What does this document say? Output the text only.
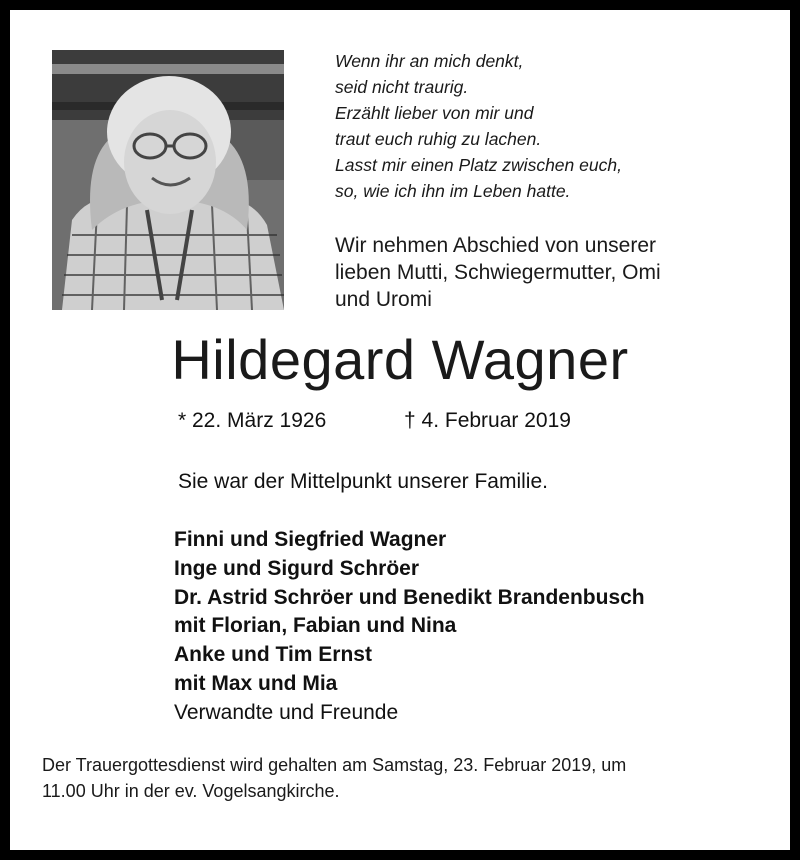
Wenn ihr an mich denkt,
seid nicht traurig.
Erzählt lieber von mir und
traut euch ruhig zu lachen.
Lasst mir einen Platz zwischen euch,
so, wie ich ihn im Leben hatte.
Wir nehmen Abschied von unserer
lieben Mutti, Schwiegermutter, Omi
und Uromi
Hildegard Wagner
* 22. März 1926	† 4. Februar 2019
Sie war der Mittelpunkt unserer Familie.
Finni und Siegfried Wagner
Inge und Sigurd Schröer
Dr. Astrid Schröer und Benedikt Brandenbusch
mit Florian, Fabian und Nina
Anke und Tim Ernst
mit Max und Mia
Verwandte und Freunde
Der Trauergottesdienst wird gehalten am Samstag, 23. Februar 2019, um
11.00 Uhr in der ev. Vogelsangkirche.
